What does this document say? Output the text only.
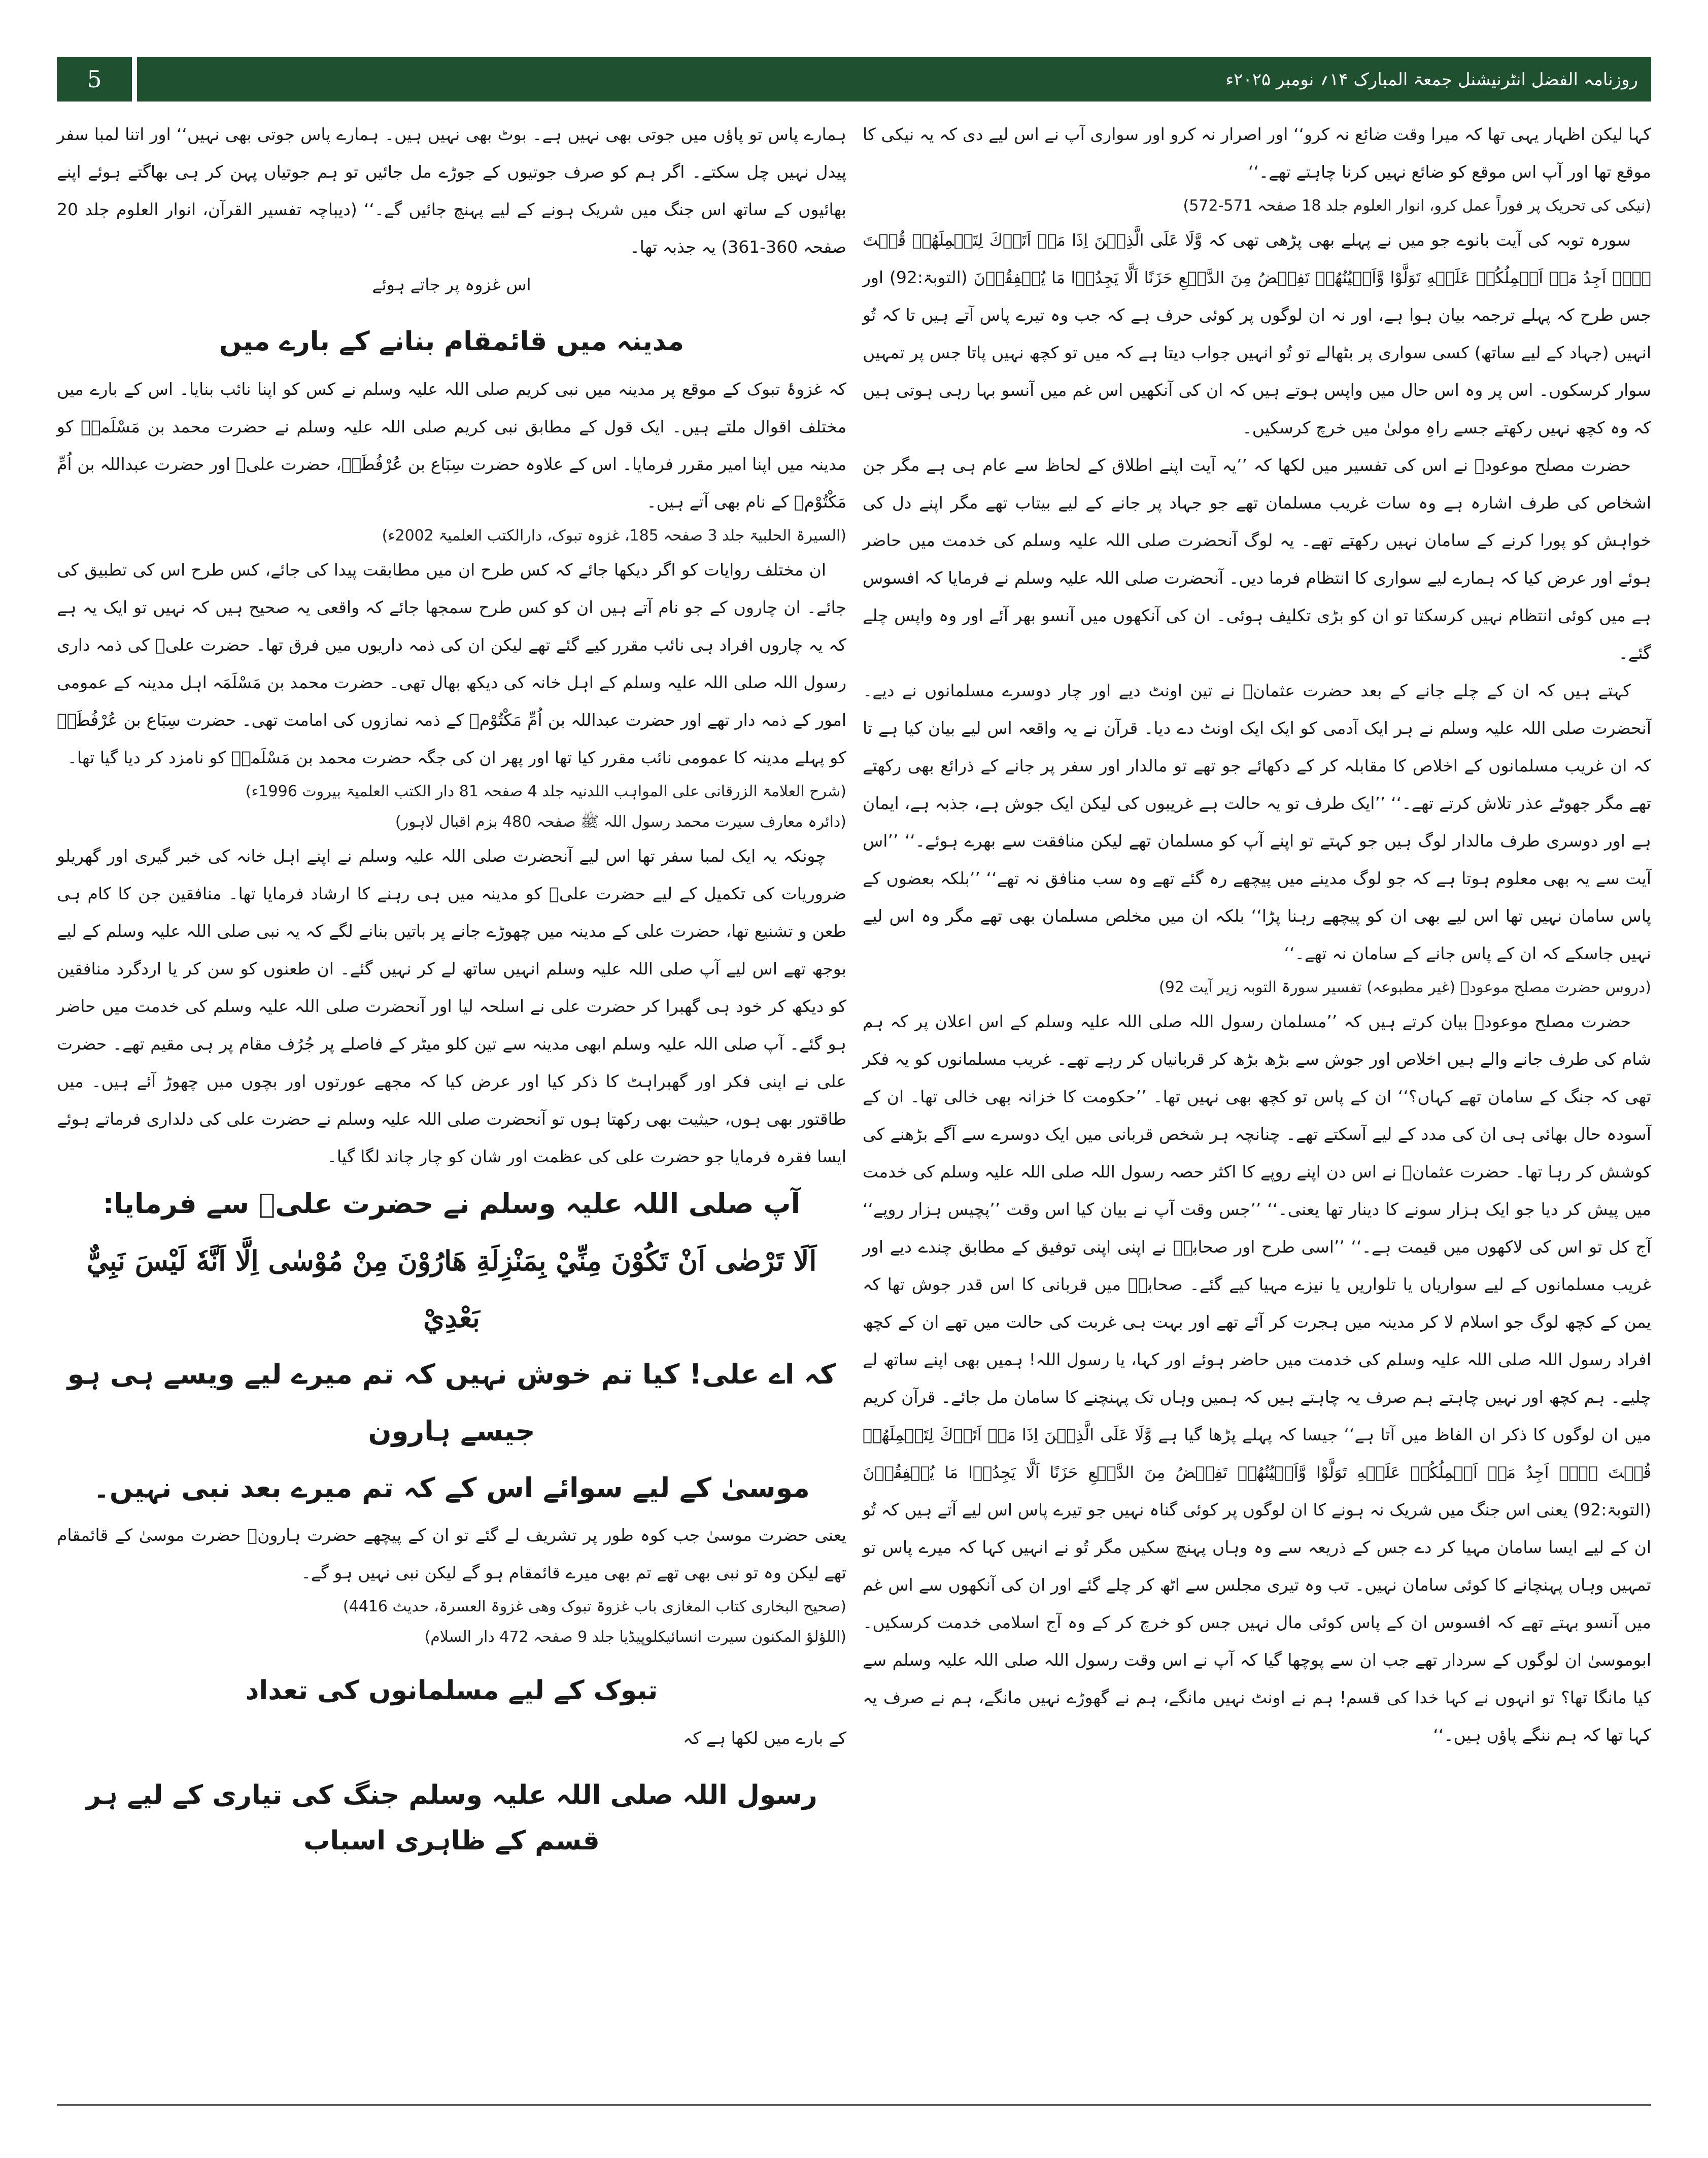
5	روزنامہ الفضل انٹرنیشنل جمعۃ المبارک ۱۴؍ نومبر ۲۰۲۵ء

کہا لیکن اظہار یہی تھا کہ میرا وقت ضائع نہ کرو‘‘ اور اصرار نہ کرو اور سواری آپ نے اس لیے دی کہ یہ نیکی کا موقع تھا اور آپ اس موقع کو ضائع نہیں کرنا چاہتے تھے۔‘‘

(نیکی کی تحریک پر فوراً عمل کرو، انوار العلوم جلد 18 صفحہ 571-572)

سورہ توبہ کی آیت بانوے جو میں نے پہلے بھی پڑھی تھی کہ وَّلَا عَلَى الَّذِيۡنَ اِذَا مَاۤ اَتَوۡكَ لِتَحۡمِلَهُمۡ قُلۡتَ لَاۤ اَجِدُ مَاۤ اَحۡمِلُكُمۡ عَلَيۡهِ تَوَلَّوْا وَّاَعۡيُنُهُمۡ تَفِيۡضُ مِنَ الدَّمۡعِ حَزَنًا اَلَّا يَجِدُوۡا مَا يُنۡفِقُوۡنَ (التوبۃ:92) اور جس طرح کہ پہلے ترجمہ بیان ہوا ہے، اور نہ ان لوگوں پر کوئی حرف ہے کہ جب وہ تیرے پاس آتے ہیں تا کہ تُو انہیں (جہاد کے لیے ساتھ) کسی سواری پر بٹھالے تو تُو انہیں جواب دیتا ہے کہ میں تو کچھ نہیں پاتا جس پر تمہیں سوار کرسکوں۔ اس پر وہ اس حال میں واپس ہوتے ہیں کہ ان کی آنکھیں اس غم میں آنسو بہا رہی ہوتی ہیں کہ وہ کچھ نہیں رکھتے جسے راہِ مولیٰ میں خرچ کرسکیں۔

حضرت مصلح موعودؓ نے اس کی تفسیر میں لکھا کہ ’’یہ آیت اپنے اطلاق کے لحاظ سے عام ہی ہے مگر جن اشخاص کی طرف اشارہ ہے وہ سات غریب مسلمان تھے جو جہاد پر جانے کے لیے بیتاب تھے مگر اپنے دل کی خواہش کو پورا کرنے کے سامان نہیں رکھتے تھے۔ یہ لوگ آنحضرت صلی اللہ علیہ وسلم کی خدمت میں حاضر ہوئے اور عرض کیا کہ ہمارے لیے سواری کا انتظام فرما دیں۔ آنحضرت صلی اللہ علیہ وسلم نے فرمایا کہ افسوس ہے میں کوئی انتظام نہیں کرسکتا تو ان کو بڑی تکلیف ہوئی۔ ان کی آنکھوں میں آنسو بھر آئے اور وہ واپس چلے گئے۔

کہتے ہیں کہ ان کے چلے جانے کے بعد حضرت عثمانؓ نے تین اونٹ دیے اور چار دوسرے مسلمانوں نے دیے۔ آنحضرت صلی اللہ علیہ وسلم نے ہر ایک آدمی کو ایک ایک اونٹ دے دیا۔ قرآن نے یہ واقعہ اس لیے بیان کیا ہے تا کہ ان غریب مسلمانوں کے اخلاص کا مقابلہ کر کے دکھائے جو تھے تو مالدار اور سفر پر جانے کے ذرائع بھی رکھتے تھے مگر جھوٹے عذر تلاش کرتے تھے۔‘‘ ’’ایک طرف تو یہ حالت ہے غریبوں کی لیکن ایک جوش ہے، جذبہ ہے، ایمان ہے اور دوسری طرف مالدار لوگ ہیں جو کہتے تو اپنے آپ کو مسلمان تھے لیکن منافقت سے بھرے ہوئے۔‘‘ ’’اس آیت سے یہ بھی معلوم ہوتا ہے کہ جو لوگ مدینے میں پیچھے رہ گئے تھے وہ سب منافق نہ تھے‘‘ ’’بلکہ بعضوں کے پاس سامان نہیں تھا اس لیے بھی ان کو پیچھے رہنا پڑا‘‘ بلکہ ان میں مخلص مسلمان بھی تھے مگر وہ اس لیے نہیں جاسکے کہ ان کے پاس جانے کے سامان نہ تھے۔‘‘

(دروس حضرت مصلح موعودؓ (غیر مطبوعہ) تفسیر سورۃ التوبہ زیر آیت 92)

حضرت مصلح موعودؓ بیان کرتے ہیں کہ ’’مسلمان رسول اللہ صلی اللہ علیہ وسلم کے اس اعلان پر کہ ہم شام کی طرف جانے والے ہیں اخلاص اور جوش سے بڑھ بڑھ کر قربانیاں کر رہے تھے۔ غریب مسلمانوں کو یہ فکر تھی کہ جنگ کے سامان تھے کہاں؟‘‘ ان کے پاس تو کچھ بھی نہیں تھا۔ ’’حکومت کا خزانہ بھی خالی تھا۔ ان کے آسودہ حال بھائی ہی ان کی مدد کے لیے آسکتے تھے۔ چنانچہ ہر شخص قربانی میں ایک دوسرے سے آگے بڑھنے کی کوشش کر رہا تھا۔ حضرت عثمانؓ نے اس دن اپنے روپے کا اکثر حصہ رسول اللہ صلی اللہ علیہ وسلم کی خدمت میں پیش کر دیا جو ایک ہزار سونے کا دینار تھا یعنی۔‘‘ ’’جس وقت آپ نے بیان کیا اس وقت ’’پچیس ہزار روپے‘‘ آج کل تو اس کی لاکھوں میں قیمت ہے۔‘‘ ’’اسی طرح اور صحابہؓ نے اپنی اپنی توفیق کے مطابق چندے دیے اور غریب مسلمانوں کے لیے سواریاں یا تلواریں یا نیزے مہیا کیے گئے۔ صحابہؓ میں قربانی کا اس قدر جوش تھا کہ یمن کے کچھ لوگ جو اسلام لا کر مدینہ میں ہجرت کر آئے تھے اور بہت ہی غربت کی حالت میں تھے ان کے کچھ افراد رسول اللہ صلی اللہ علیہ وسلم کی خدمت میں حاضر ہوئے اور کہا، یا رسول اللہ! ہمیں بھی اپنے ساتھ لے چلیے۔ ہم کچھ اور نہیں چاہتے ہم صرف یہ چاہتے ہیں کہ ہمیں وہاں تک پہنچنے کا سامان مل جائے۔ قرآن کریم میں ان لوگوں کا ذکر ان الفاظ میں آتا ہے‘‘ جیسا کہ پہلے پڑھا گیا ہے وَّلَا عَلَى الَّذِيۡنَ اِذَا مَاۤ اَتَوۡكَ لِتَحۡمِلَهُمۡ قُلۡتَ لَاۤ اَجِدُ مَاۤ اَحۡمِلُكُمۡ عَلَيۡهِ تَوَلَّوْا وَّاَعۡيُنُهُمۡ تَفِيۡضُ مِنَ الدَّمۡعِ حَزَنًا اَلَّا يَجِدُوۡا مَا يُنۡفِقُوۡنَ (التوبۃ:92) یعنی اس جنگ میں شریک نہ ہونے کا ان لوگوں پر کوئی گناہ نہیں جو تیرے پاس اس لیے آتے ہیں کہ تُو ان کے لیے ایسا سامان مہیا کر دے جس کے ذریعہ سے وہ وہاں پہنچ سکیں مگر تُو نے انہیں کہا کہ میرے پاس تو تمہیں وہاں پہنچانے کا کوئی سامان نہیں۔ تب وہ تیری مجلس سے اٹھ کر چلے گئے اور ان کی آنکھوں سے اس غم میں آنسو بہتے تھے کہ افسوس ان کے پاس کوئی مال نہیں جس کو خرچ کر کے وہ آج اسلامی خدمت کرسکیں۔ ابوموسیٰ ان لوگوں کے سردار تھے جب ان سے پوچھا گیا کہ آپ نے اس وقت رسول اللہ صلی اللہ علیہ وسلم سے کیا مانگا تھا؟ تو انہوں نے کہا خدا کی قسم! ہم نے اونٹ نہیں مانگے، ہم نے گھوڑے نہیں مانگے، ہم نے صرف یہ کہا تھا کہ ہم ننگے پاؤں ہیں۔‘‘

ہمارے پاس تو پاؤں میں جوتی بھی نہیں ہے۔ بوٹ بھی نہیں ہیں۔ ہمارے پاس جوتی بھی نہیں‘‘ اور اتنا لمبا سفر پیدل نہیں چل سکتے۔ اگر ہم کو صرف جوتیوں کے جوڑے مل جائیں تو ہم جوتیاں پہن کر ہی بھاگتے ہوئے اپنے بھائیوں کے ساتھ اس جنگ میں شریک ہونے کے لیے پہنچ جائیں گے۔‘‘ (دیباچہ تفسیر القرآن، انوار العلوم جلد 20 صفحہ 360-361) یہ جذبہ تھا۔

اس غزوہ پر جاتے ہوئے

مدینہ میں قائمقام بنانے کے بارے میں

کہ غزوۂ تبوک کے موقع پر مدینہ میں نبی کریم صلی اللہ علیہ وسلم نے کس کو اپنا نائب بنایا۔ اس کے بارے میں مختلف اقوال ملتے ہیں۔ ایک قول کے مطابق نبی کریم صلی اللہ علیہ وسلم نے حضرت محمد بن مَسْلَمہؓ کو مدینہ میں اپنا امیر مقرر فرمایا۔ اس کے علاوہ حضرت سِبَاع بن عُرْفُطَہؓ، حضرت علیؓ اور حضرت عبداللہ بن اُمِّ مَکْتُوْمؓ کے نام بھی آتے ہیں۔

(السیرۃ الحلبیۃ جلد 3 صفحہ 185، غزوہ تبوک، دارالکتب العلمیۃ 2002ء)

ان مختلف روایات کو اگر دیکھا جائے کہ کس طرح ان میں مطابقت پیدا کی جائے، کس طرح اس کی تطبیق کی جائے۔ ان چاروں کے جو نام آتے ہیں ان کو کس طرح سمجھا جائے کہ واقعی یہ صحیح ہیں کہ نہیں تو ایک یہ ہے کہ یہ چاروں افراد ہی نائب مقرر کیے گئے تھے لیکن ان کی ذمہ داریوں میں فرق تھا۔ حضرت علیؓ کی ذمہ داری رسول اللہ صلی اللہ علیہ وسلم کے اہل خانہ کی دیکھ بھال تھی۔ حضرت محمد بن مَسْلَمَہ اہل مدینہ کے عمومی امور کے ذمہ دار تھے اور حضرت عبداللہ بن اُمِّ مَکْتُوْمؓ کے ذمہ نمازوں کی امامت تھی۔ حضرت سِبَاع بن عُرْفُطَہؓ کو پہلے مدینہ کا عمومی نائب مقرر کیا تھا اور پھر ان کی جگہ حضرت محمد بن مَسْلَمہؓ کو نامزد کر دیا گیا تھا۔

(شرح العلامۃ الزرقانی علی المواہب اللدنیہ جلد 4 صفحہ 81 دار الکتب العلمیۃ بیروت 1996ء)

(دائرہ معارف سیرت محمد رسول اللہ ﷺ صفحہ 480 بزم اقبال لاہور)

چونکہ یہ ایک لمبا سفر تھا اس لیے آنحضرت صلی اللہ علیہ وسلم نے اپنے اہل خانہ کی خبر گیری اور گھریلو ضروریات کی تکمیل کے لیے حضرت علیؓ کو مدینہ میں ہی رہنے کا ارشاد فرمایا تھا۔ منافقین جن کا کام ہی طعن و تشنیع تھا، حضرت علی کے مدینہ میں چھوڑے جانے پر باتیں بنانے لگے کہ یہ نبی صلی اللہ علیہ وسلم کے لیے بوجھ تھے اس لیے آپ صلی اللہ علیہ وسلم انہیں ساتھ لے کر نہیں گئے۔ ان طعنوں کو سن کر یا اردگرد منافقین کو دیکھ کر خود ہی گھبرا کر حضرت علی نے اسلحہ لیا اور آنحضرت صلی اللہ علیہ وسلم کی خدمت میں حاضر ہو گئے۔ آپ صلی اللہ علیہ وسلم ابھی مدینہ سے تین کلو میٹر کے فاصلے پر جُرُف مقام پر ہی مقیم تھے۔ حضرت علی نے اپنی فکر اور گھبراہٹ کا ذکر کیا اور عرض کیا کہ مجھے عورتوں اور بچوں میں چھوڑ آئے ہیں۔ میں طاقتور بھی ہوں، حیثیت بھی رکھتا ہوں تو آنحضرت صلی اللہ علیہ وسلم نے حضرت علی کی دلداری فرماتے ہوئے ایسا فقرہ فرمایا جو حضرت علی کی عظمت اور شان کو چار چاند لگا گیا۔

آپ صلی اللہ علیہ وسلم نے حضرت علیؓ سے فرمایا:
اَلَا تَرْضٰى اَنْ تَكُوْنَ مِنِّيْ بِمَنْزِلَةِ هَارُوْنَ مِنْ مُوْسٰى اِلَّا اَنَّهٗ لَيْسَ نَبِيٌّ بَعْدِيْ
کہ اے علی! کیا تم خوش نہیں کہ تم میرے لیے ویسے ہی ہو جیسے ہارون
موسیٰ کے لیے سوائے اس کے کہ تم میرے بعد نبی نہیں۔

یعنی حضرت موسیٰ جب کوہ طور پر تشریف لے گئے تو ان کے پیچھے حضرت ہارونؑ حضرت موسیٰ کے قائمقام تھے لیکن وہ تو نبی بھی تھے تم بھی میرے قائمقام ہو گے لیکن نبی نہیں ہو گے۔

(صحیح البخاری کتاب المغازی باب غزوۃ تبوک وھی غزوۃ العسرۃ، حدیث 4416)

(اللؤلؤ المکنون سیرت انسائیکلوپیڈیا جلد 9 صفحہ 472 دار السلام)

تبوک کے لیے مسلمانوں کی تعداد

کے بارے میں لکھا ہے کہ

رسول اللہ صلی اللہ علیہ وسلم جنگ کی تیاری کے لیے ہر قسم کے ظاہری اسباب
